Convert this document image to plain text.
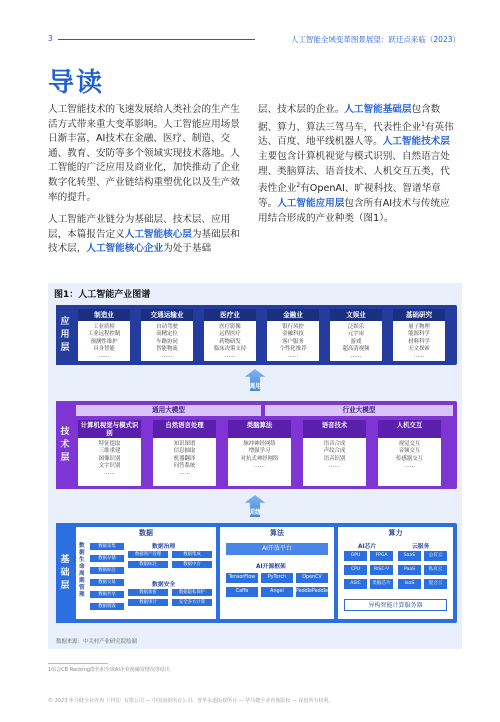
3	人工智能全域变革图景展望：跃迁点来临（2023）
导读

人工智能技术的飞速发展给人类社会的生产生活方式带来重大变革影响。人工智能应用场景日渐丰富，AI技术在金融、医疗、制造、交通、教育、安防等多个领域实现技术落地。人工智能的广泛应用及商业化，加快推动了企业数字化转型、产业链结构重塑优化以及生产效率的提升。

人工智能产业链分为基础层、技术层、应用层，本篇报告定义人工智能核心层为基础层和技术层，人工智能核心企业为处于基础

层、技术层的企业。人工智能基础层包含数据、算力、算法三驾马车，代表性企业$^1$有英伟达、百度、地平线机器人等。人工智能技术层主要包含计算机视觉与模式识别、自然语言处理、类脑算法、语音技术、人机交互五类，代表性企业$^2$有OpenAI、旷视科技、智谱华章等。人工智能应用层包含所有AI技术与传统应用结合形成的产业种类（图1）。

图1：人工智能产业图谱
应用层
制造业
工业质检
工业远程控制
预测性维护
具身智能
……
交通运输业
自动驾驶
高精定位
车路协同
智能物流
……
医疗业
医疗影像
远程医疗
药物研发
临床决策支持
……
金融业
银行风控
金融科技
客户服务
个性化推荐
……
文娱业
泛娱乐
元宇宙
游戏
超高清视频
……
基础研究
量子物理
能源科学
材料科学
天文探索
……
调用
技术层
通用大模型	行业大模型
计算机视觉与模式识别
特征提取
三维重建
图像识别
文字识别
……
自然语言处理
知识图谱
信息抽取
机器翻译
问答系统
……
类脑算法
脉冲神经网络
增强学习
对抗式神经网络
……
语音技术
语音合成
声纹合成
语音识别
……
人机交互
视觉交互
音频交互
传感器交互
……
训练
基础层
数据
数据生命周期管理
数据采集
数据存储
数据标注
数据交易
数据共享
数据销毁
数据治理
数据资产管理	数据集成
数据标注	数据中台
数据安全
数据加密	数据隐私保护
数据审计	安全多方计算
算法
AI开放平台
AI开源框架
TensorFlow	PyTorch	OpenCV
Caffe	Angel	PaddlePaddle
算力
AI芯片
GPU	FPGA
CPU	RISC-V
ASIC	类脑芯片
云服务
SaaS	公有云
PaaS	私有云
IaaS	混合云
异构智能计算服务器
数据来源：中关村产业研究院绘制
1组合CB Ranking排名和全球AI企业榜融资情况等给出
© 2023 华马健全业咨询（中国）有限公司 — 中国南新所有公司。普华永道版权所有 — 华马健全业咨询版权 — 保留所有权利。
